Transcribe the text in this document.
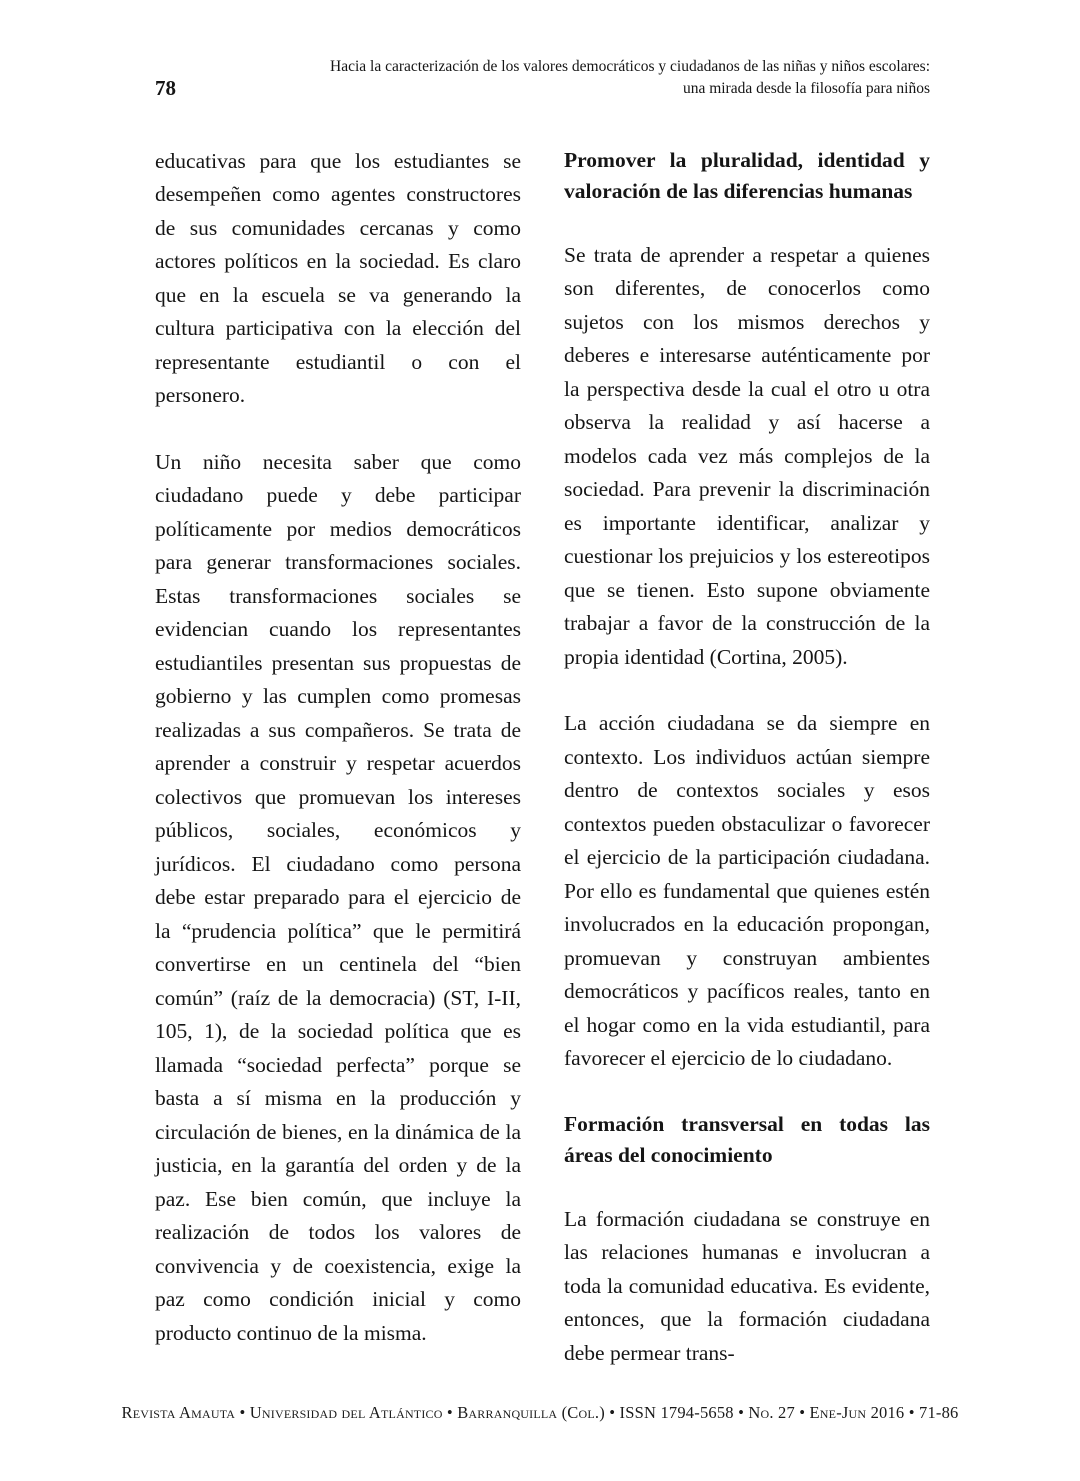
78
Hacia la caracterización de los valores democráticos y ciudadanos de las niñas y niños escolares:
una mirada desde la filosofía para niños

educativas para que los estudiantes se desempeñen como agentes constructores de sus comunidades cercanas y como actores políticos en la sociedad. Es claro que en la escuela se va generando la cultura participativa con la elección del representante estudiantil o con el personero.

Un niño necesita saber que como ciudadano puede y debe participar políticamente por medios democráticos para generar transformaciones sociales. Estas transformaciones sociales se evidencian cuando los representantes estudiantiles presentan sus propuestas de gobierno y las cumplen como promesas realizadas a sus compañeros. Se trata de aprender a construir y respetar acuerdos colectivos que promuevan los intereses públicos, sociales, económicos y jurídicos. El ciudadano como persona debe estar preparado para el ejercicio de la “prudencia política” que le permitirá convertirse en un centinela del “bien común” (raíz de la democracia) (ST, I-II, 105, 1), de la sociedad política que es llamada “sociedad perfecta” porque se basta a sí misma en la producción y circulación de bienes, en la dinámica de la justicia, en la garantía del orden y de la paz. Ese bien común, que incluye la realización de todos los valores de convivencia y de coexistencia, exige la paz como condición inicial y como producto continuo de la misma.

Promover la pluralidad, identidad y valoración de las diferencias humanas

Se trata de aprender a respetar a quienes son diferentes, de conocerlos como sujetos con los mismos derechos y deberes e interesarse auténticamente por la perspectiva desde la cual el otro u otra observa la realidad y así hacerse a modelos cada vez más complejos de la sociedad. Para prevenir la discriminación es importante identificar, analizar y cuestionar los prejuicios y los estereotipos que se tienen. Esto supone obviamente trabajar a favor de la construcción de la propia identidad (Cortina, 2005).

La acción ciudadana se da siempre en contexto. Los individuos actúan siempre dentro de contextos sociales y esos contextos pueden obstaculizar o favorecer el ejercicio de la participación ciudadana. Por ello es fundamental que quienes estén involucrados en la educación propongan, promuevan y construyan ambientes democráticos y pacíficos reales, tanto en el hogar como en la vida estudiantil, para favorecer el ejercicio de lo ciudadano.

Formación transversal en todas las áreas del conocimiento

La formación ciudadana se construye en las relaciones humanas e involucran a toda la comunidad educativa. Es evidente, entonces, que la formación ciudadana debe permear trans-

Revista Amauta • Universidad del Atlántico • Barranquilla (Col.) • ISSN 1794-5658 • No. 27 • Ene-Jun 2016 • 71-86
